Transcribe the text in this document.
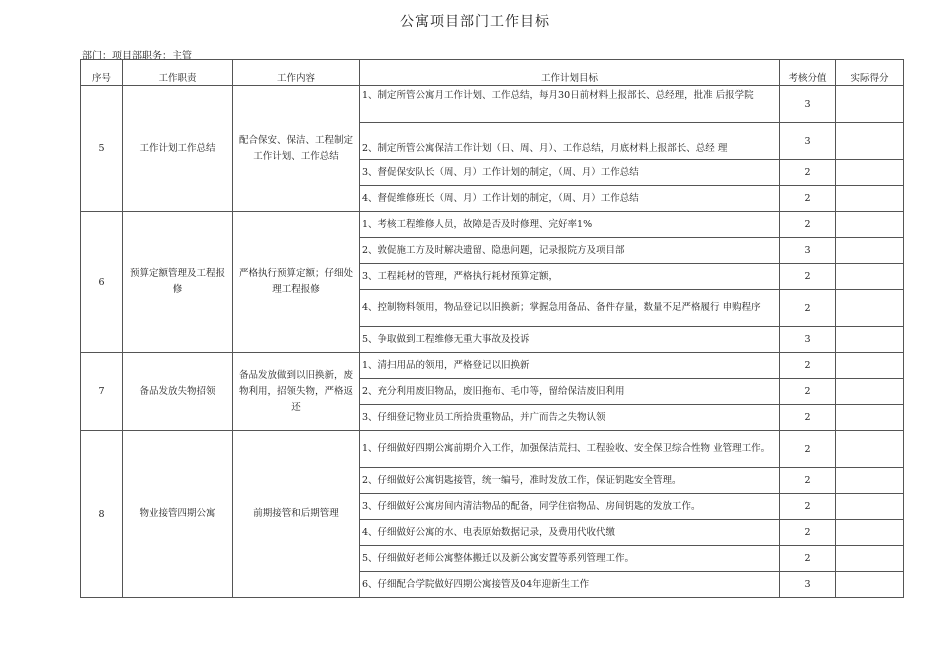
公寓项目部门工作目标
部门：项目部职务：主管
序号	工作职责	工作内容	工作计划目标	考核分值	实际得分
5	工作计划工作总结	配合保安、保洁、工程制定工作计划、工作总结	1、制定所管公寓月工作计划、工作总结，每月30日前材料上报部长、总经理，批准 后报学院	3	
			2、制定所管公寓保洁工作计划（日、周、月）、工作总结，月底材料上报部长、总经 理	3	
			3、督促保安队长（周、月）工作计划的制定，（周、月）工作总结	2	
			4、督促维修班长（周、月）工作计划的制定，（周、月）工作总结	2	
6	预算定额管理及工程报修	严格执行预算定额；仔细处理工程报修	1、考核工程维修人员，故障是否及时修理、完好率1%	2	
			2、敦促施工方及时解决遗留、隐患问题，记录报院方及项目部	3	
			3、工程耗材的管理，严格执行耗材预算定额，	2	
			4、控制物料领用，物品登记以旧换新；掌握急用备品、备件存量，数量不足严格履行 申购程序	2	
			5、争取做到工程维修无重大事故及投诉	3	
7	备品发放失物招领	备品发放做到以旧换新，废物利用，招领失物，严格返还	1、清扫用品的领用，严格登记以旧换新	2	
			2、充分利用废旧物品，废旧拖布、毛巾等，留给保洁废旧利用	2	
			3、仔细登记物业员工所拾贵重物品，并广而告之失物认领	2	
8	物业接管四期公寓	前期接管和后期管理	1、仔细做好四期公寓前期介入工作，加强保洁荒扫、工程验收、安全保卫综合性物 业管理工作。	2	
			2、仔细做好公寓钥匙接管，统一编号，准时发放工作，保证钥匙安全管理。	2	
			3、仔细做好公寓房间内清洁物品的配备，同学住宿物品、房间钥匙的发放工作。	2	
			4、仔细做好公寓的水、电表原始数据记录，及费用代收代缴	2	
			5、仔细做好老师公寓整体搬迁以及新公寓安置等系列管理工作。	2	
			6、仔细配合学院做好四期公寓接管及04年迎新生工作	3	
